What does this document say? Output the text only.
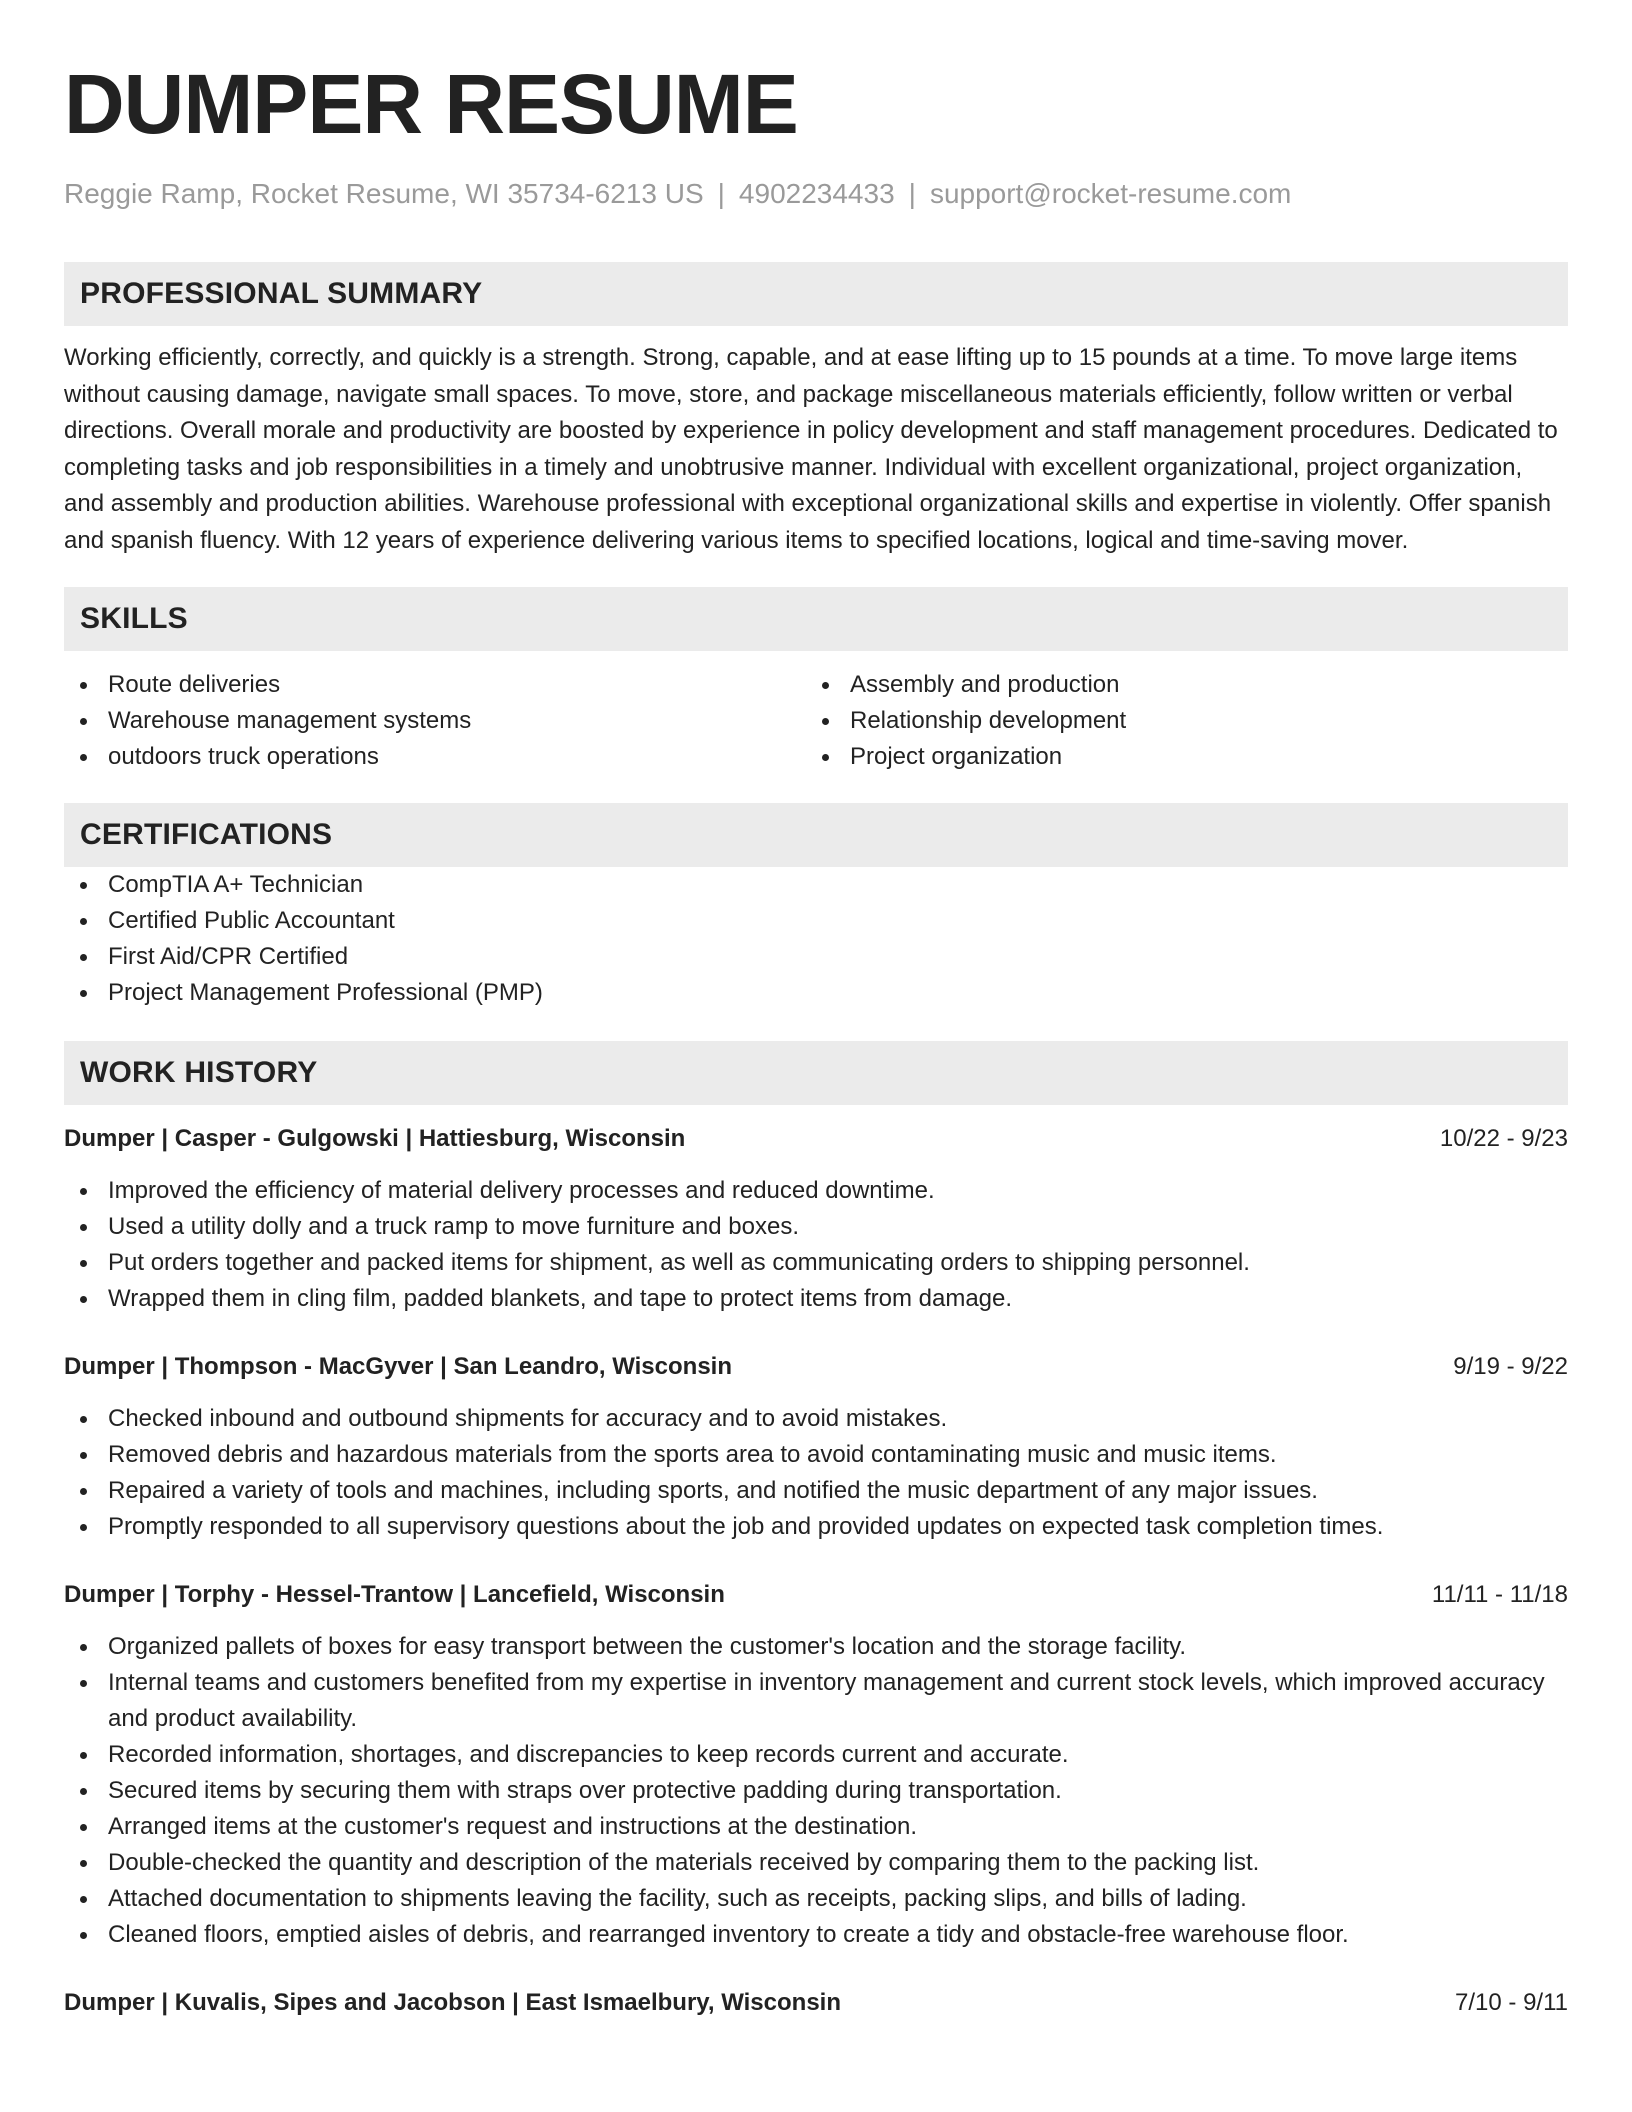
DUMPER RESUME
Reggie Ramp, Rocket Resume, WI 35734-6213 US | 4902234433 | support@rocket-resume.com
PROFESSIONAL SUMMARY

Working efficiently, correctly, and quickly is a strength. Strong, capable, and at ease lifting up to 15 pounds at a time. To move large items without causing damage, navigate small spaces. To move, store, and package miscellaneous materials efficiently, follow written or verbal directions. Overall morale and productivity are boosted by experience in policy development and staff management procedures. Dedicated to completing tasks and job responsibilities in a timely and unobtrusive manner. Individual with excellent organizational, project organization, and assembly and production abilities. Warehouse professional with exceptional organizational skills and expertise in violently. Offer spanish and spanish fluency. With 12 years of experience delivering various items to specified locations, logical and time-saving mover.

SKILLS
Route deliveries
Warehouse management systems
outdoors truck operations
Assembly and production
Relationship development
Project organization
CERTIFICATIONS
CompTIA A+ Technician
Certified Public Accountant
First Aid/CPR Certified
Project Management Professional (PMP)
WORK HISTORY
Dumper | Casper - Gulgowski | Hattiesburg, Wisconsin	10/22 - 9/23
Improved the efficiency of material delivery processes and reduced downtime.
Used a utility dolly and a truck ramp to move furniture and boxes.
Put orders together and packed items for shipment, as well as communicating orders to shipping personnel.
Wrapped them in cling film, padded blankets, and tape to protect items from damage.
Dumper | Thompson - MacGyver | San Leandro, Wisconsin	9/19 - 9/22
Checked inbound and outbound shipments for accuracy and to avoid mistakes.
Removed debris and hazardous materials from the sports area to avoid contaminating music and music items.
Repaired a variety of tools and machines, including sports, and notified the music department of any major issues.
Promptly responded to all supervisory questions about the job and provided updates on expected task completion times.
Dumper | Torphy - Hessel-Trantow | Lancefield, Wisconsin	11/11 - 11/18
Organized pallets of boxes for easy transport between the customer's location and the storage facility.
Internal teams and customers benefited from my expertise in inventory management and current stock levels, which improved accuracy and product availability.
Recorded information, shortages, and discrepancies to keep records current and accurate.
Secured items by securing them with straps over protective padding during transportation.
Arranged items at the customer's request and instructions at the destination.
Double-checked the quantity and description of the materials received by comparing them to the packing list.
Attached documentation to shipments leaving the facility, such as receipts, packing slips, and bills of lading.
Cleaned floors, emptied aisles of debris, and rearranged inventory to create a tidy and obstacle-free warehouse floor.
Dumper | Kuvalis, Sipes and Jacobson | East Ismaelbury, Wisconsin	7/10 - 9/11
